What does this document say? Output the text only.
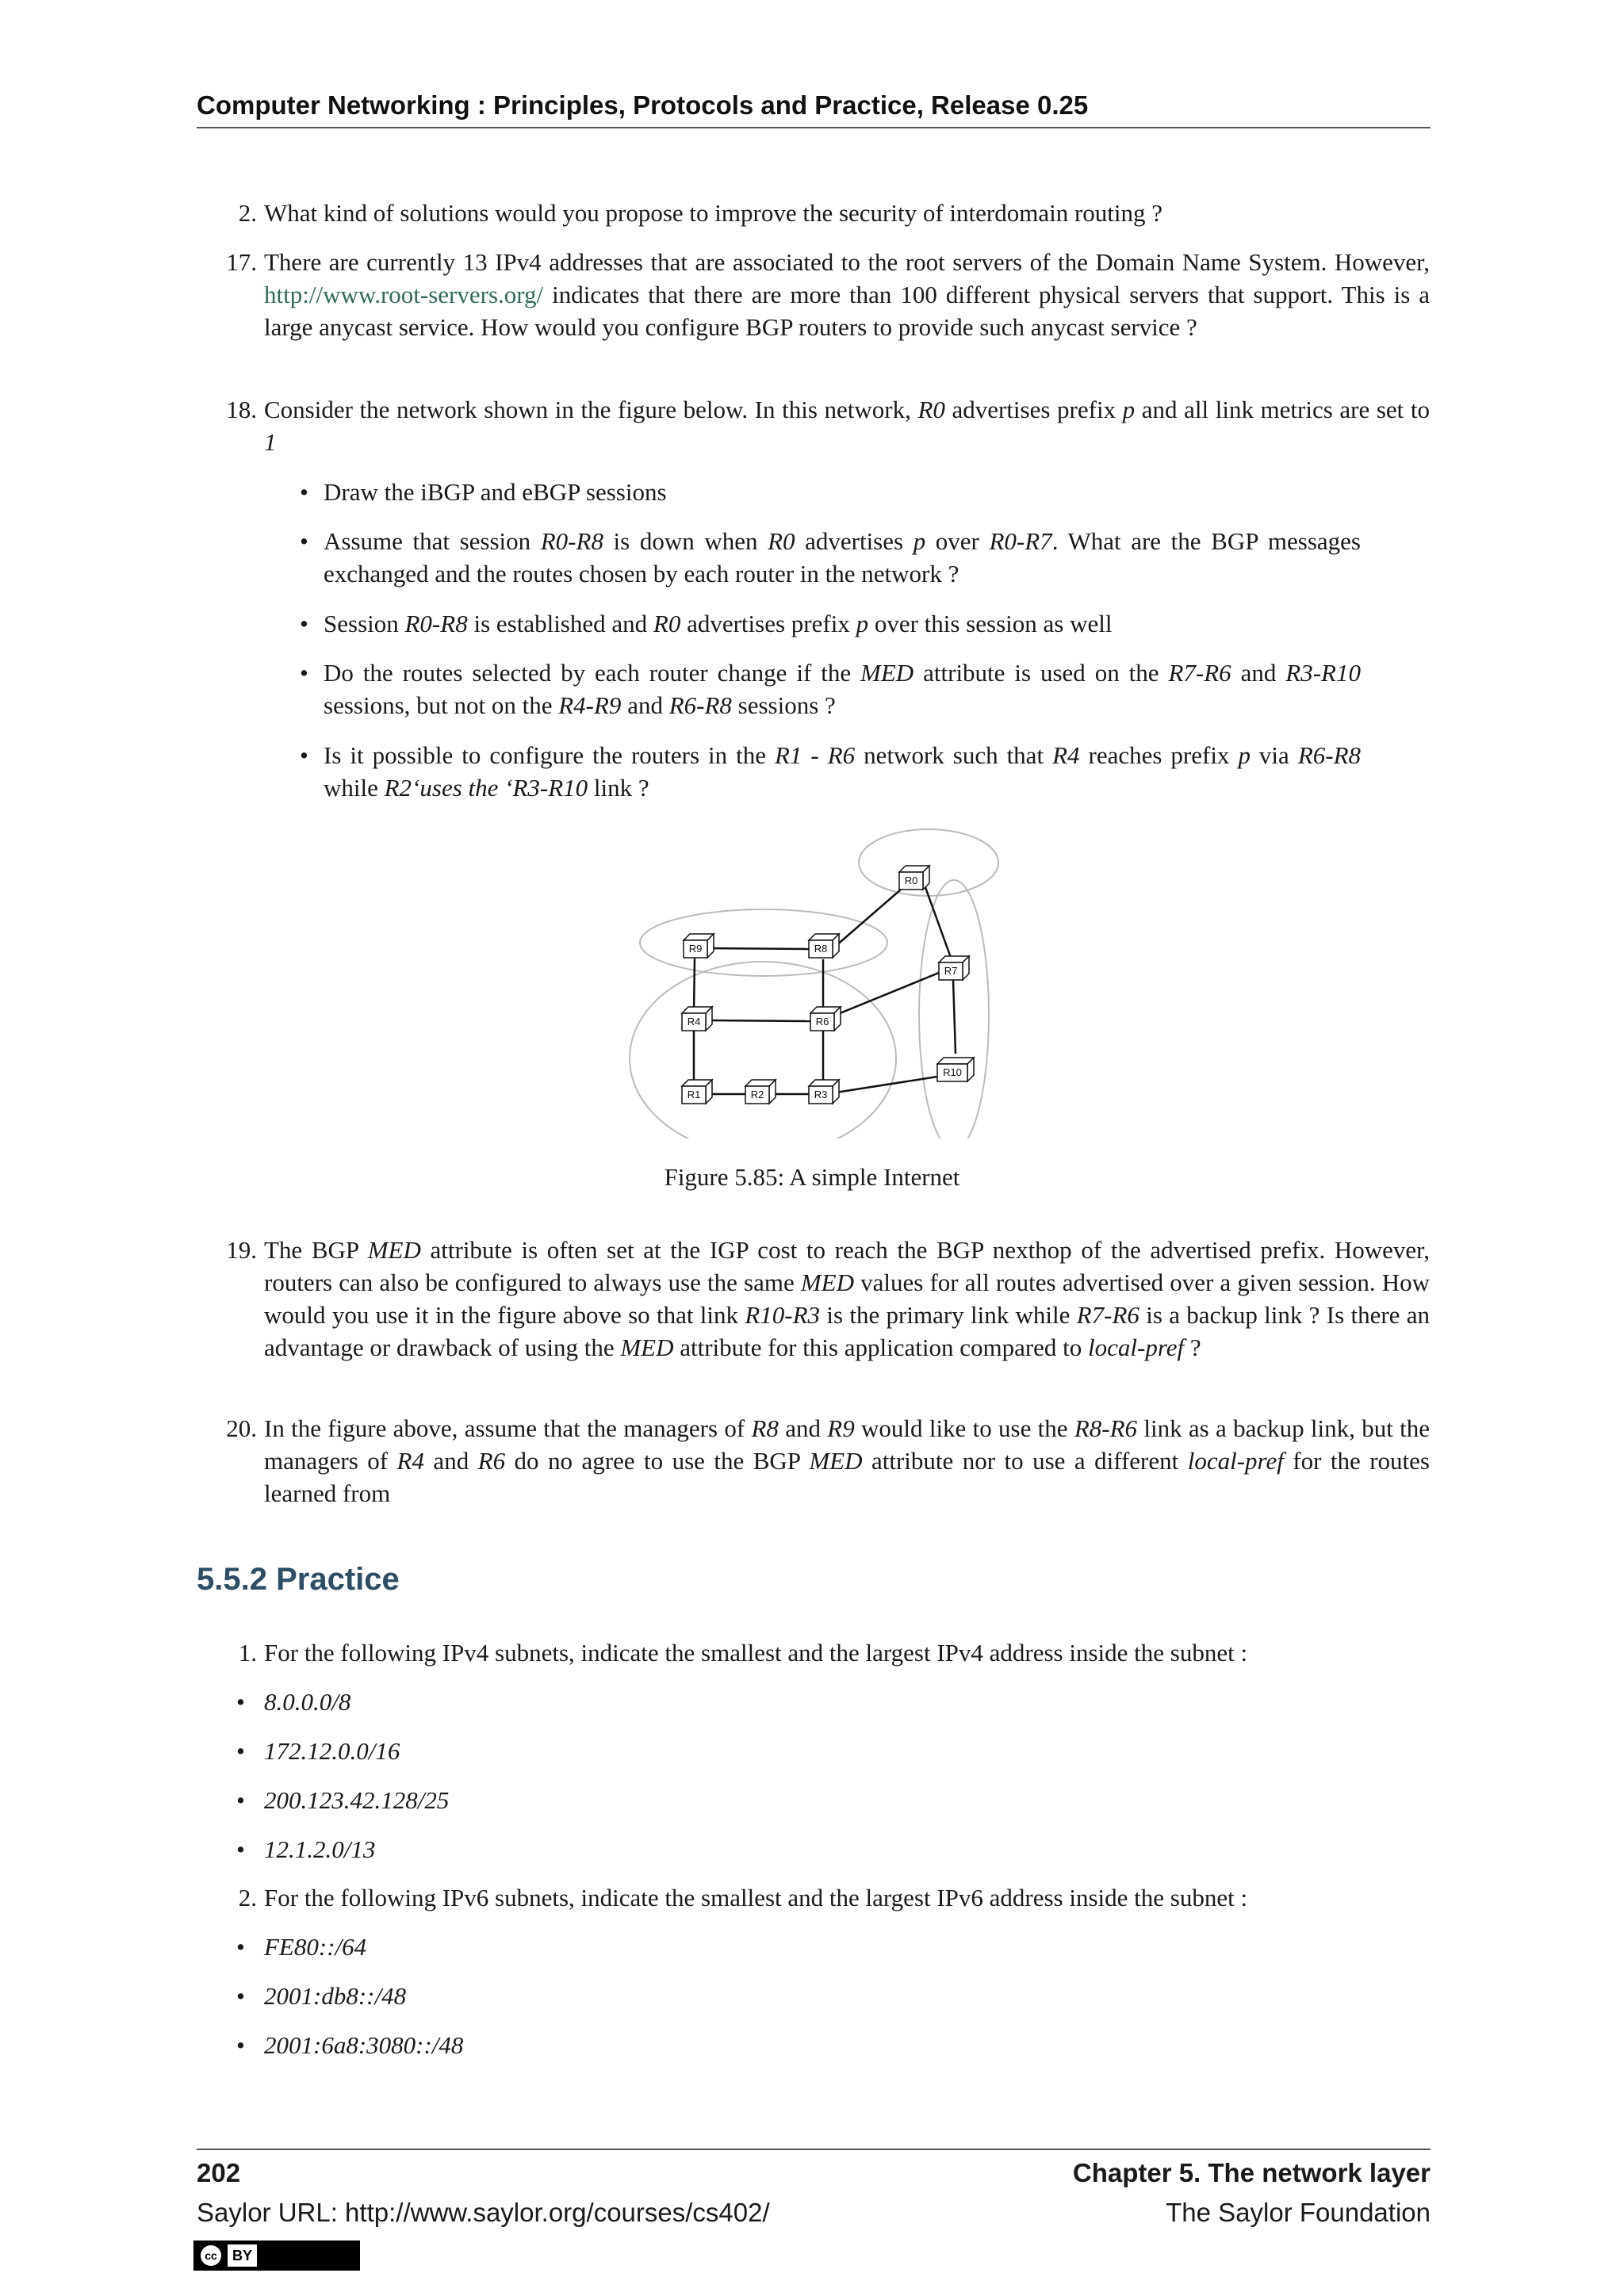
Computer Networking : Principles, Protocols and Practice, Release 0.25
2. What kind of solutions would you propose to improve the security of interdomain routing ?
17. There are currently 13 IPv4 addresses that are associated to the root servers of the Domain Name System. However, http://www.root-servers.org/ indicates that there are more than 100 different physical servers that support. This is a large anycast service. How would you configure BGP routers to provide such anycast service ?
18. Consider the network shown in the figure below. In this network, R0 advertises prefix p and all link metrics are set to 1
• Draw the iBGP and eBGP sessions
• Assume that session R0-R8 is down when R0 advertises p over R0-R7. What are the BGP messages exchanged and the routes chosen by each router in the network ?
• Session R0-R8 is established and R0 advertises prefix p over this session as well
• Do the routes selected by each router change if the MED attribute is used on the R7-R6 and R3-R10 sessions, but not on the R4-R9 and R6-R8 sessions ?
• Is it possible to configure the routers in the R1 - R6 network such that R4 reaches prefix p via R6-R8 while R2‘uses the ‘R3-R10 link ?
R0
R9	R8
R7
R4	R6
R10
R1	R2	R3
Figure 5.85: A simple Internet
19. The BGP MED attribute is often set at the IGP cost to reach the BGP nexthop of the advertised prefix. However, routers can also be configured to always use the same MED values for all routes advertised over a given session. How would you use it in the figure above so that link R10-R3 is the primary link while R7-R6 is a backup link ? Is there an advantage or drawback of using the MED attribute for this application compared to local-pref ?
20. In the figure above, assume that the managers of R8 and R9 would like to use the R8-R6 link as a backup link, but the managers of R4 and R6 do no agree to use the BGP MED attribute nor to use a different local-pref for the routes learned from
5.5.2 Practice
1. For the following IPv4 subnets, indicate the smallest and the largest IPv4 address inside the subnet :
• 8.0.0.0/8
• 172.12.0.0/16
• 200.123.42.128/25
• 12.1.2.0/13
2. For the following IPv6 subnets, indicate the smallest and the largest IPv6 address inside the subnet :
• FE80::/64
• 2001:db8::/48
• 2001:6a8:3080::/48
202	Chapter 5. The network layer
Saylor URL: http://www.saylor.org/courses/cs402/	The Saylor Foundation
cc	BY
